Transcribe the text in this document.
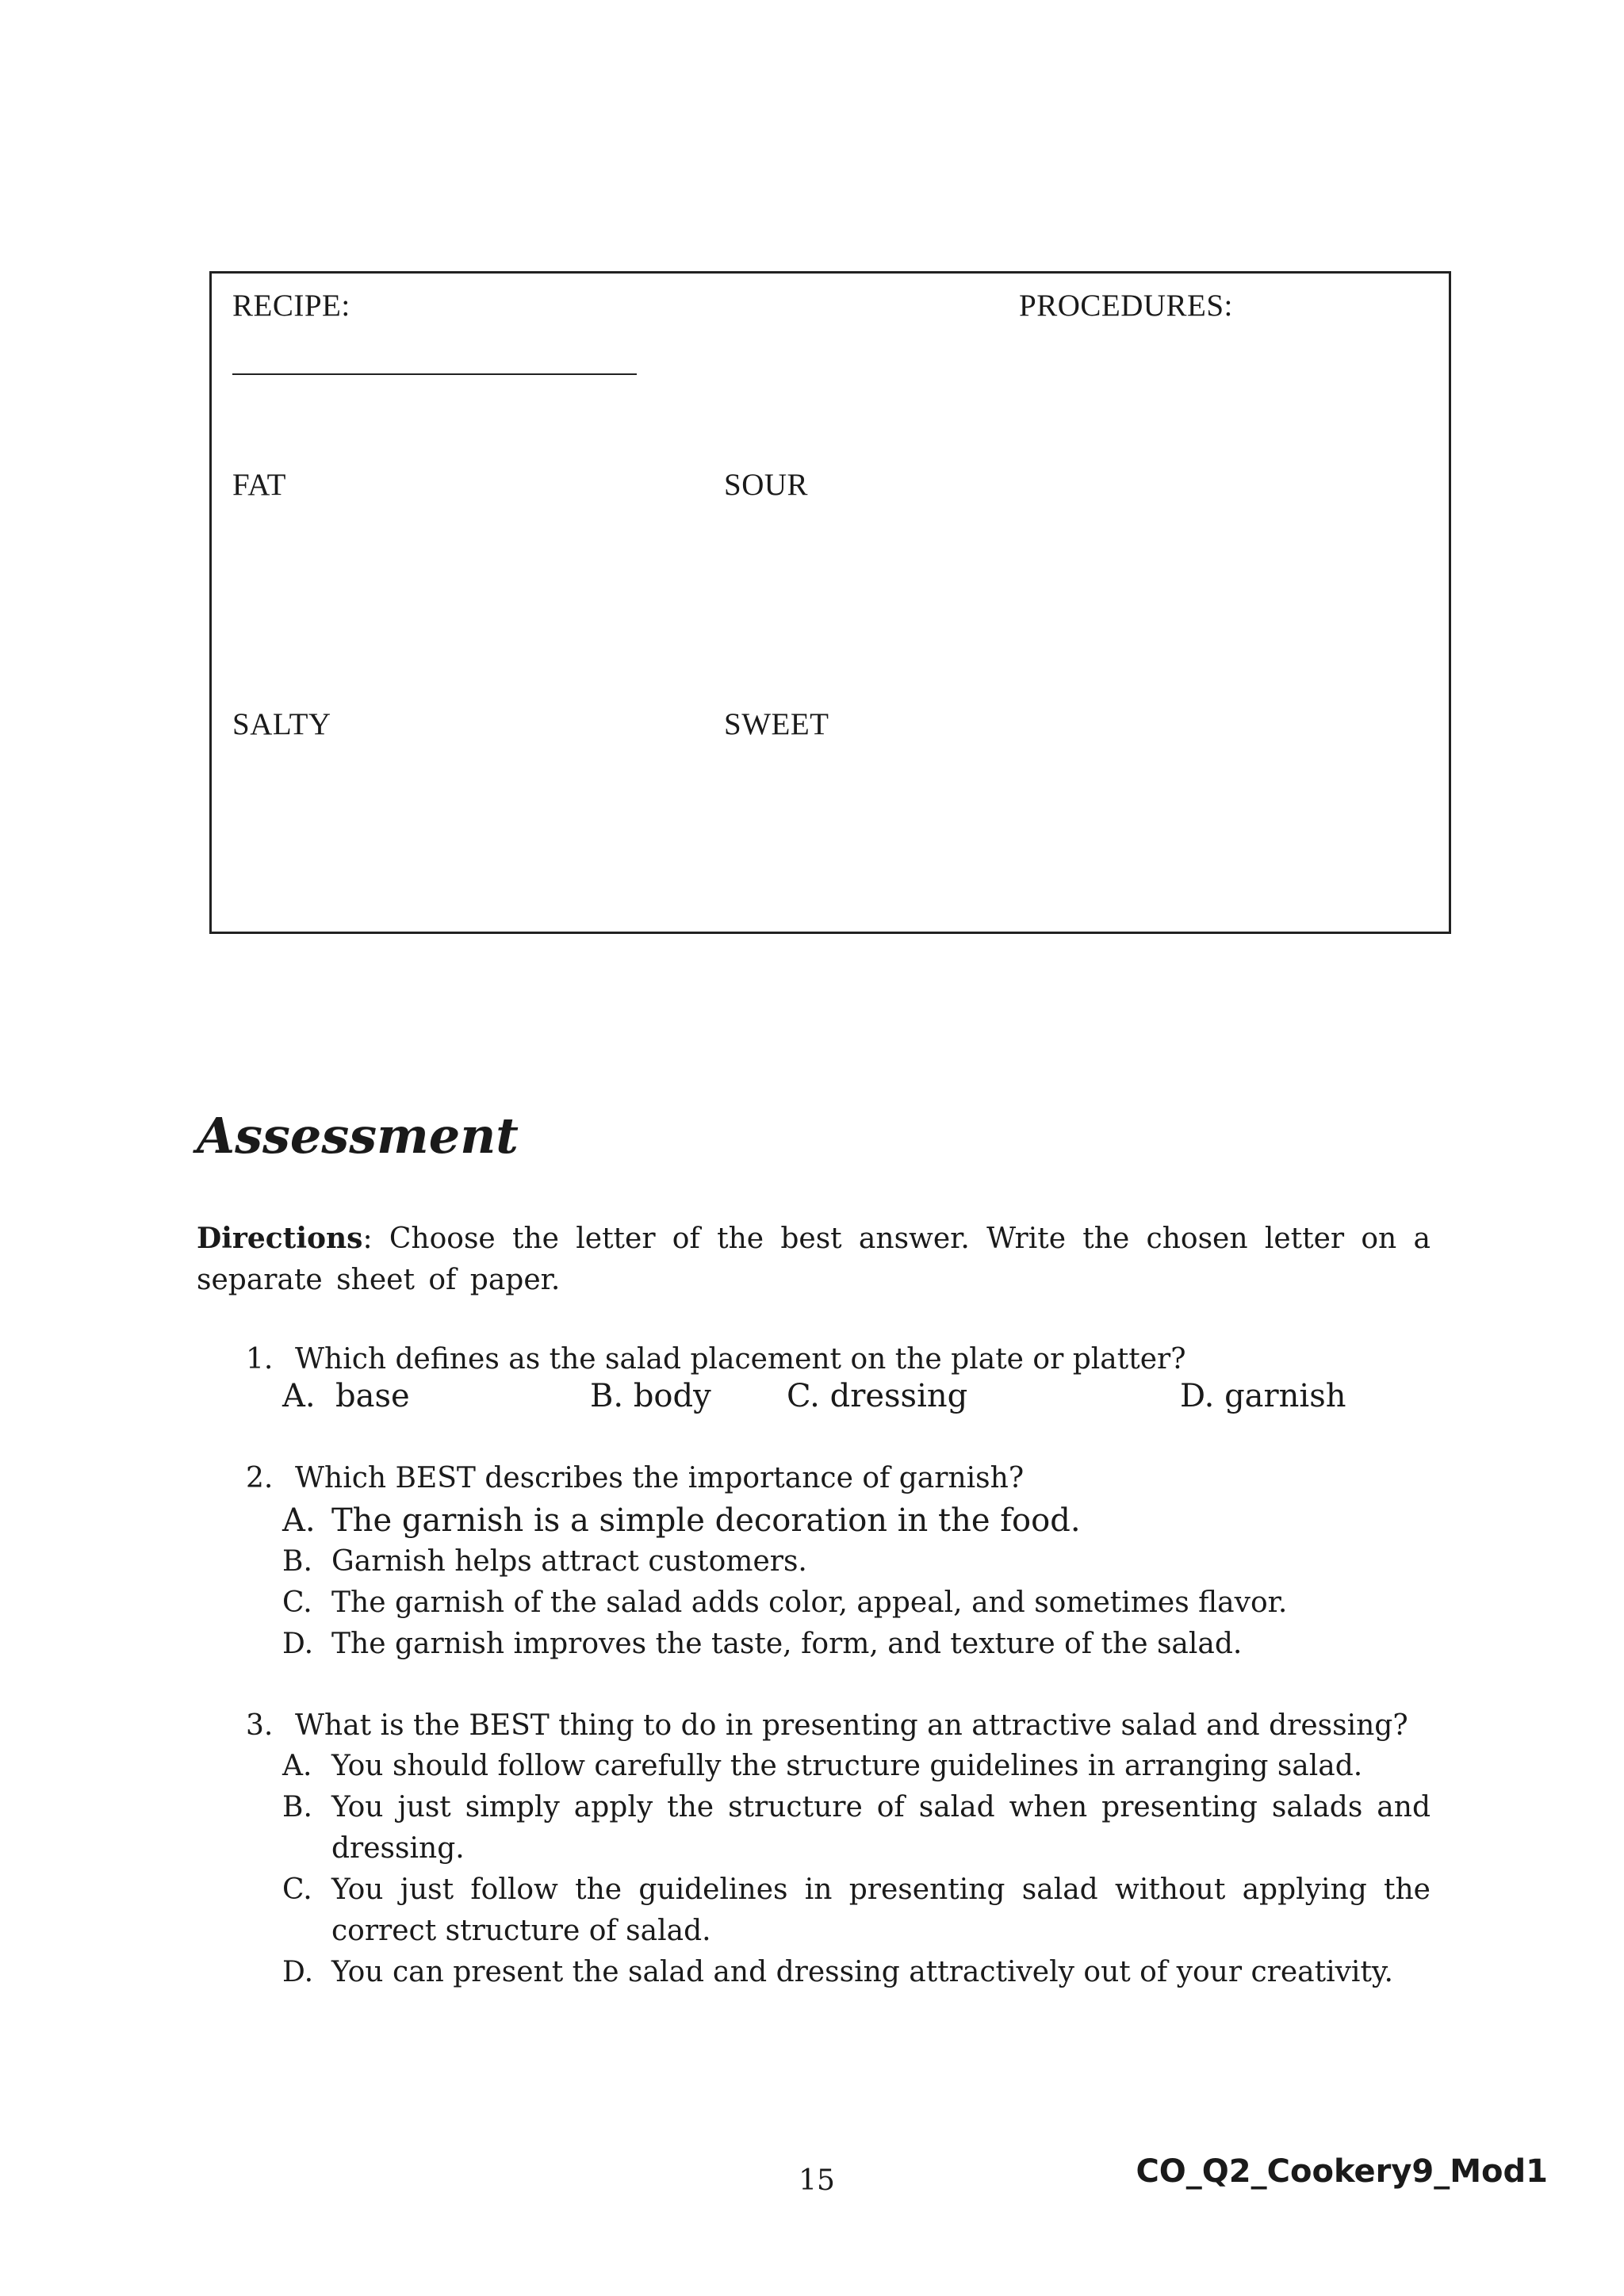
RECIPE:	PROCEDURES:
FAT	SOUR
SALTY	SWEET
Assessment
Directions: Choose the letter of the best answer. Write the chosen letter on a separate sheet of paper.
1. Which defines as the salad placement on the plate or platter?
A. base	B. body C. dressing	D. garnish
2. Which BEST describes the importance of garnish?
A. The garnish is a simple decoration in the food.
B. Garnish helps attract customers.
C. The garnish of the salad adds color, appeal, and sometimes flavor.
D. The garnish improves the taste, form, and texture of the salad.
3. What is the BEST thing to do in presenting an attractive salad and dressing?
A. You should follow carefully the structure guidelines in arranging salad.
B. You just simply apply the structure of salad when presenting salads and dressing.
C. You just follow the guidelines in presenting salad without applying the correct structure of salad.
D. You can present the salad and dressing attractively out of your creativity.
15	CO_Q2_Cookery9_Mod1
